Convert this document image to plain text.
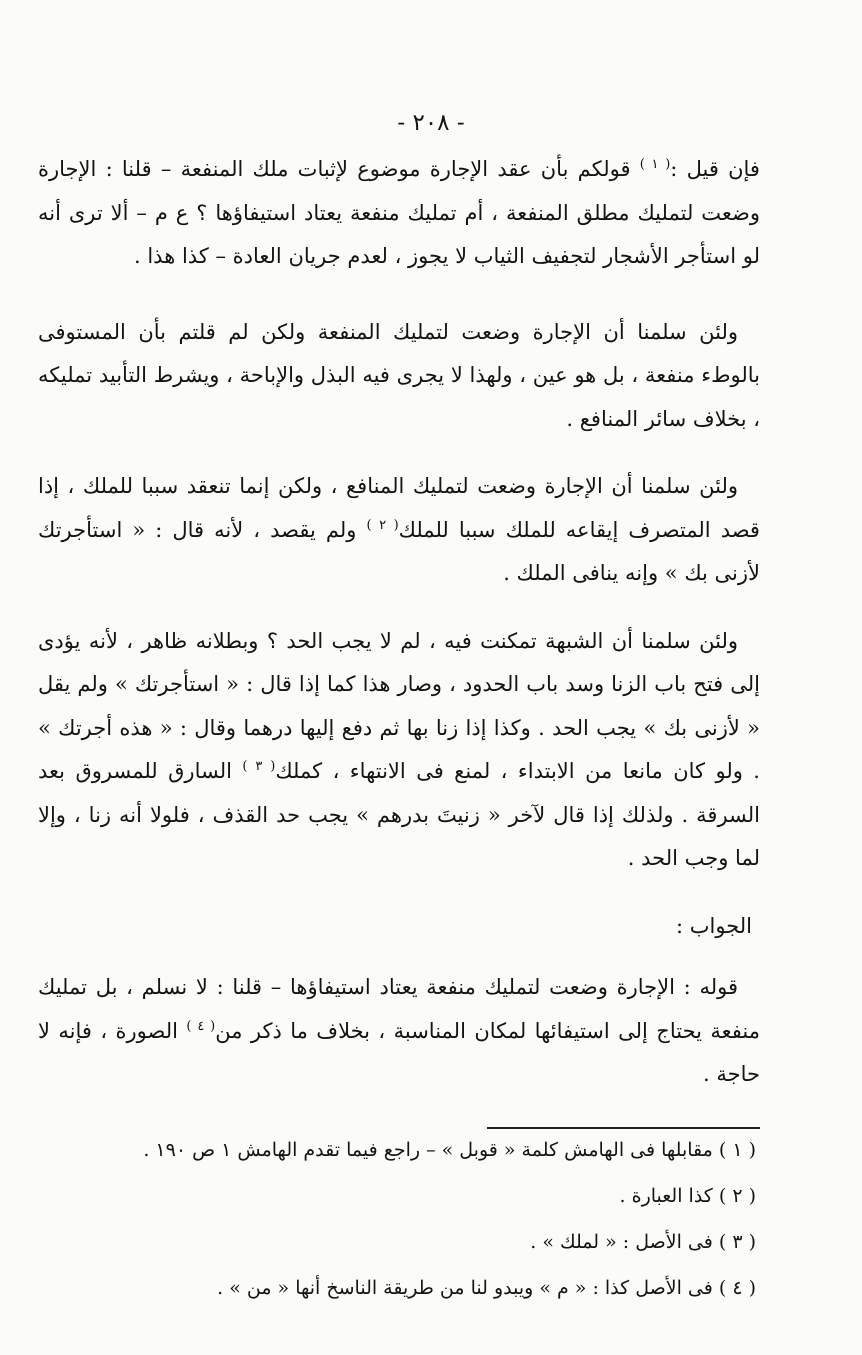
- ٢٠٨ -

فإن قيل :$^{( ١ )}$ قولكم بأن عقد الإجارة موضوع لإثبات ملك المنفعة – قلنا : الإجارة وضعت لتمليك مطلق المنفعة ، أم تمليك منفعة يعتاد استيفاؤها ؟ ع م – ألا ترى أنه لو استأجر الأشجار لتجفيف الثياب لا يجوز ، لعدم جريان العادة – كذا هذا .

ولئن سلمنا أن الإجارة وضعت لتمليك المنفعة ولكن لم قلتم بأن المستوفى بالوطء منفعة ، بل هو عين ، ولهذا لا يجرى فيه البذل والإباحة ، ويشرط التأبيد تمليكه ، بخلاف سائر المنافع .

ولئن سلمنا أن الإجارة وضعت لتمليك المنافع ، ولكن إنما تنعقد سببا للملك ، إذا قصد المتصرف إيقاعه للملك سببا للملك$^{( ٢ )}$ ولم يقصد ، لأنه قال : « استأجرتك لأزنى بك » وإنه ينافى الملك .

ولئن سلمنا أن الشبهة تمكنت فيه ، لم لا يجب الحد ؟ وبطلانه ظاهر ، لأنه يؤدى إلى فتح باب الزنا وسد باب الحدود ، وصار هذا كما إذا قال : « استأجرتك » ولم يقل « لأزنى بك » يجب الحد . وكذا إذا زنا بها ثم دفع إليها درهما وقال : « هذه أجرتك » . ولو كان مانعا من الابتداء ، لمنع فى الانتهاء ، كملك$^{( ٣ )}$ السارق للمسروق بعد السرقة . ولذلك إذا قال لآخر « زنيتَ بدرهم » يجب حد القذف ، فلولا أنه زنا ، وإلا لما وجب الحد .

الجواب :

قوله : الإجارة وضعت لتمليك منفعة يعتاد استيفاؤها – قلنا : لا نسلم ، بل تمليك منفعة يحتاج إلى استيفائها لمكان المناسبة ، بخلاف ما ذكر من$^{( ٤ )}$ الصورة ، فإنه لا حاجة .

( ١ ) مقابلها فى الهامش كلمة « قوبل » – راجع فيما تقدم الهامش ١ ص ١٩٠ .

( ٢ ) كذا العبارة .

( ٣ ) فى الأصل : « لملك » .

( ٤ ) فى الأصل كذا : « م » ويبدو لنا من طريقة الناسخ أنها « من » .
